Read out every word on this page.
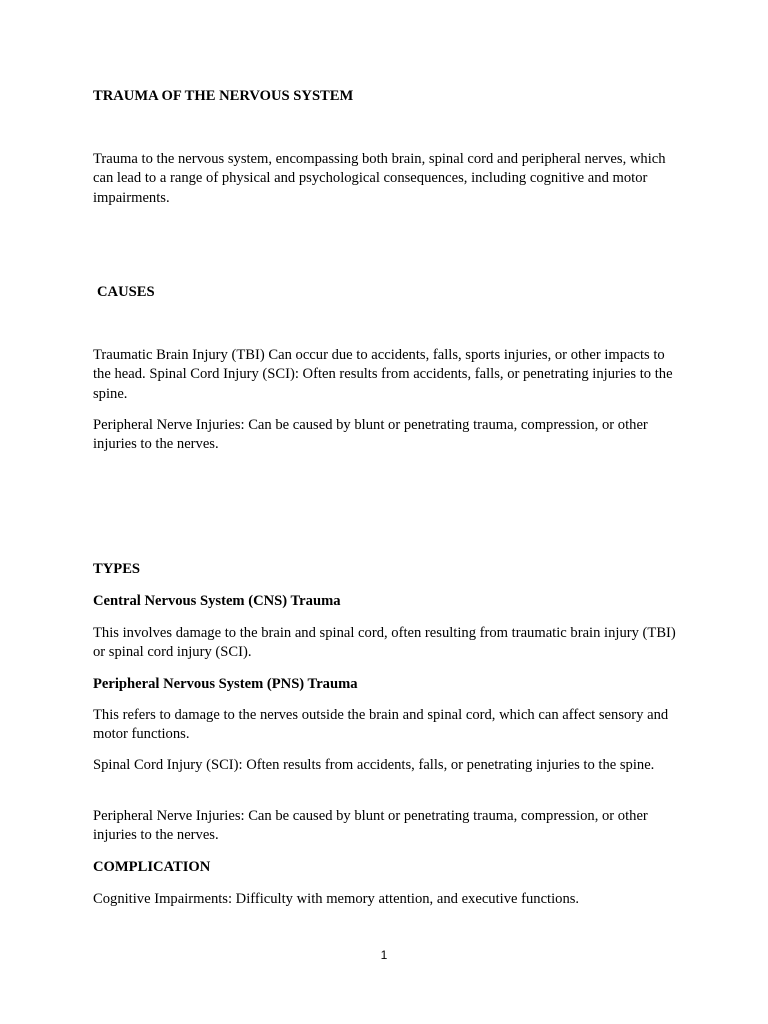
TRAUMA OF THE NERVOUS SYSTEM

Trauma to the nervous system, encompassing both brain, spinal cord and peripheral nerves, which can lead to a range of physical and psychological consequences, including cognitive and motor impairments.

CAUSES

Traumatic Brain Injury (TBI) Can occur due to accidents, falls, sports injuries, or other impacts to the head. Spinal Cord Injury (SCI): Often results from accidents, falls, or penetrating injuries to the spine.

Peripheral Nerve Injuries: Can be caused by blunt or penetrating trauma, compression, or other injuries to the nerves.

TYPES

Central Nervous System (CNS) Trauma

This involves damage to the brain and spinal cord, often resulting from traumatic brain injury (TBI) or spinal cord injury (SCI).

Peripheral Nervous System (PNS) Trauma

This refers to damage to the nerves outside the brain and spinal cord, which can affect sensory and motor functions.

Spinal Cord Injury (SCI): Often results from accidents, falls, or penetrating injuries to the spine.

Peripheral Nerve Injuries: Can be caused by blunt or penetrating trauma, compression, or other injuries to the nerves.

COMPLICATION

Cognitive Impairments: Difficulty with memory attention, and executive functions.

1
